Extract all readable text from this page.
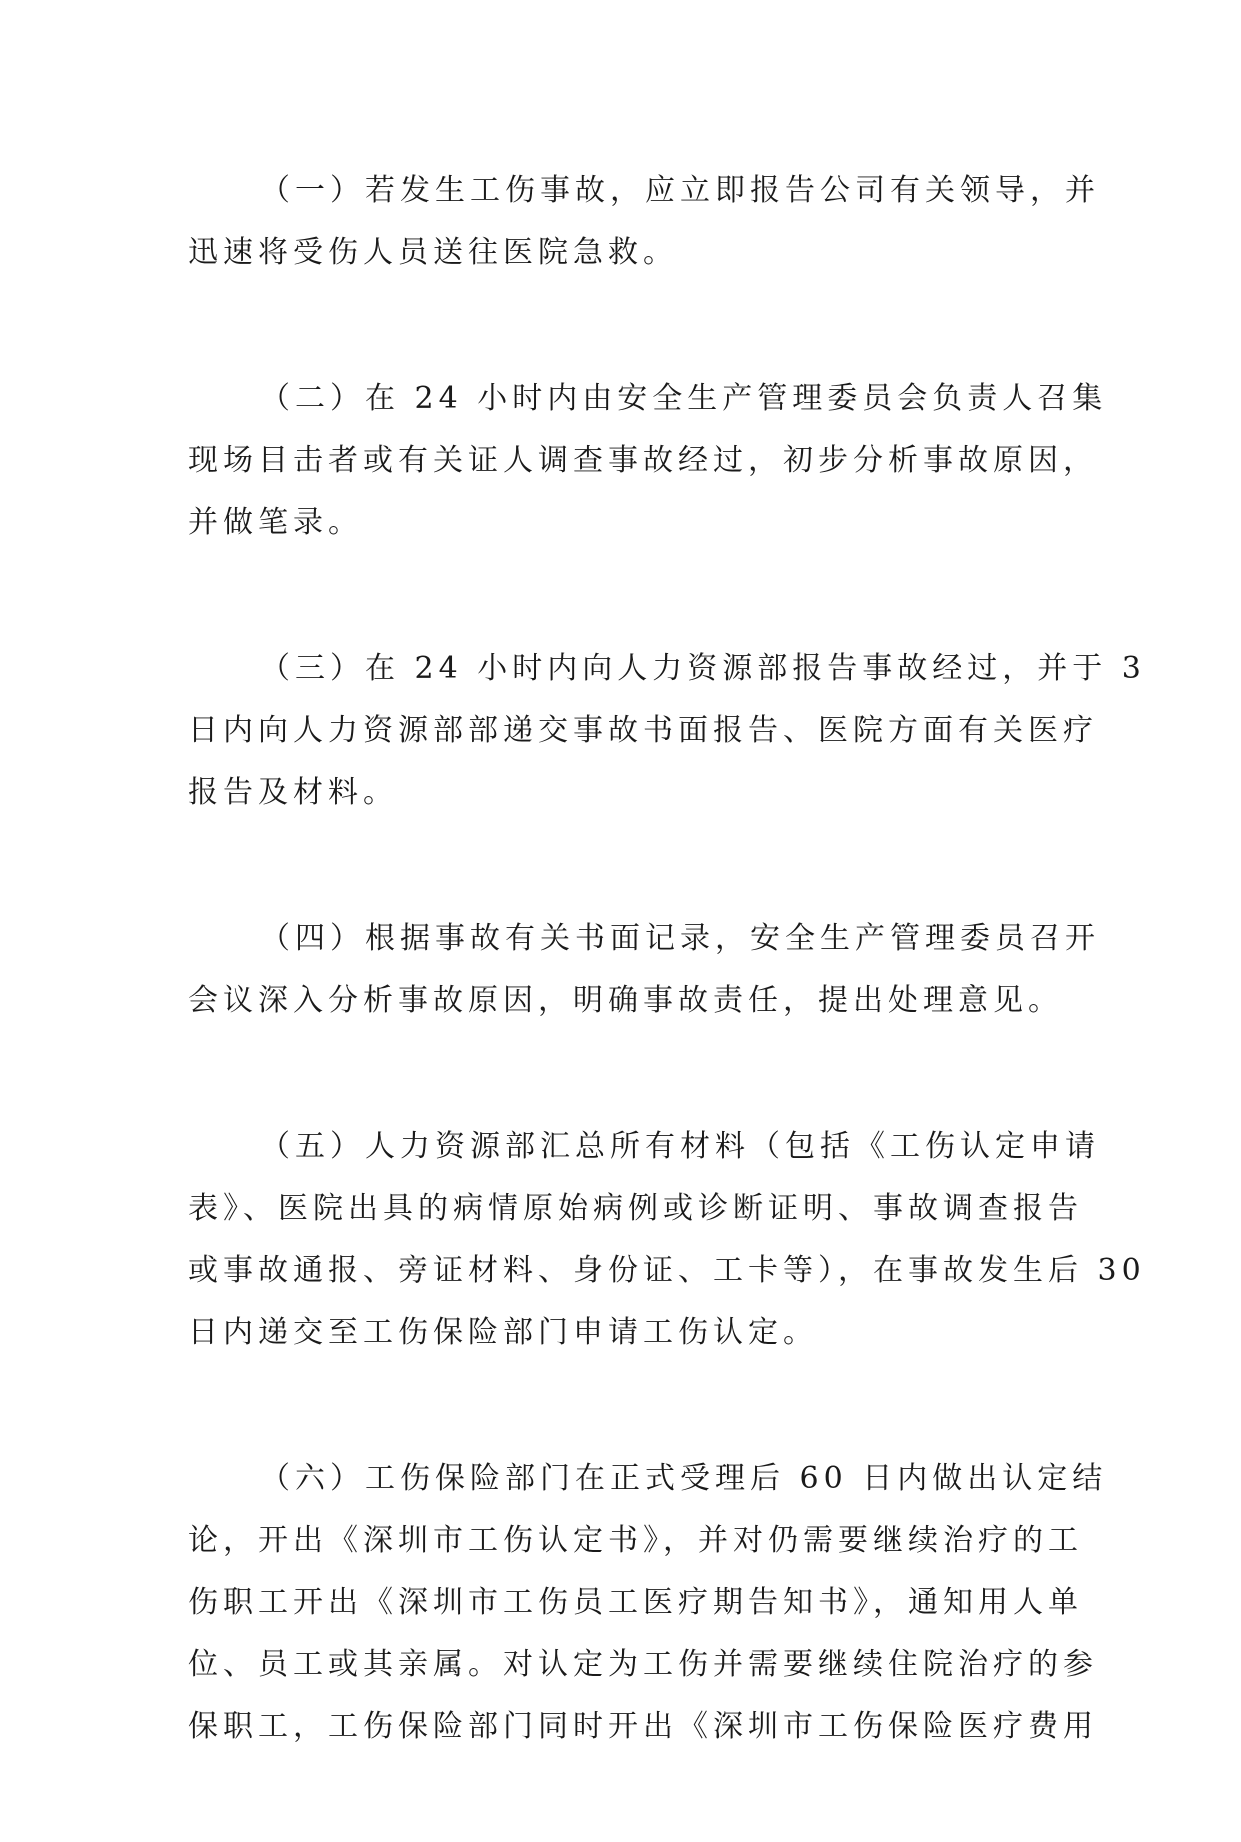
（一）若发生工伤事故，应立即报告公司有关领导，并
迅速将受伤人员送往医院急救。
（二）在 24 小时内由安全生产管理委员会负责人召集
现场目击者或有关证人调查事故经过，初步分析事故原因，
并做笔录。
（三）在 24 小时内向人力资源部报告事故经过，并于 3
日内向人力资源部部递交事故书面报告、医院方面有关医疗
报告及材料。
（四）根据事故有关书面记录，安全生产管理委员召开
会议深入分析事故原因，明确事故责任，提出处理意见。
（五）人力资源部汇总所有材料（包括《工伤认定申请
表》、医院出具的病情原始病例或诊断证明、事故调查报告
或事故通报、旁证材料、身份证、工卡等），在事故发生后 30
日内递交至工伤保险部门申请工伤认定。
（六）工伤保险部门在正式受理后 60 日内做出认定结
论，开出《深圳市工伤认定书》，并对仍需要继续治疗的工
伤职工开出《深圳市工伤员工医疗期告知书》，通知用人单
位、员工或其亲属。对认定为工伤并需要继续住院治疗的参
保职工，工伤保险部门同时开出《深圳市工伤保险医疗费用
